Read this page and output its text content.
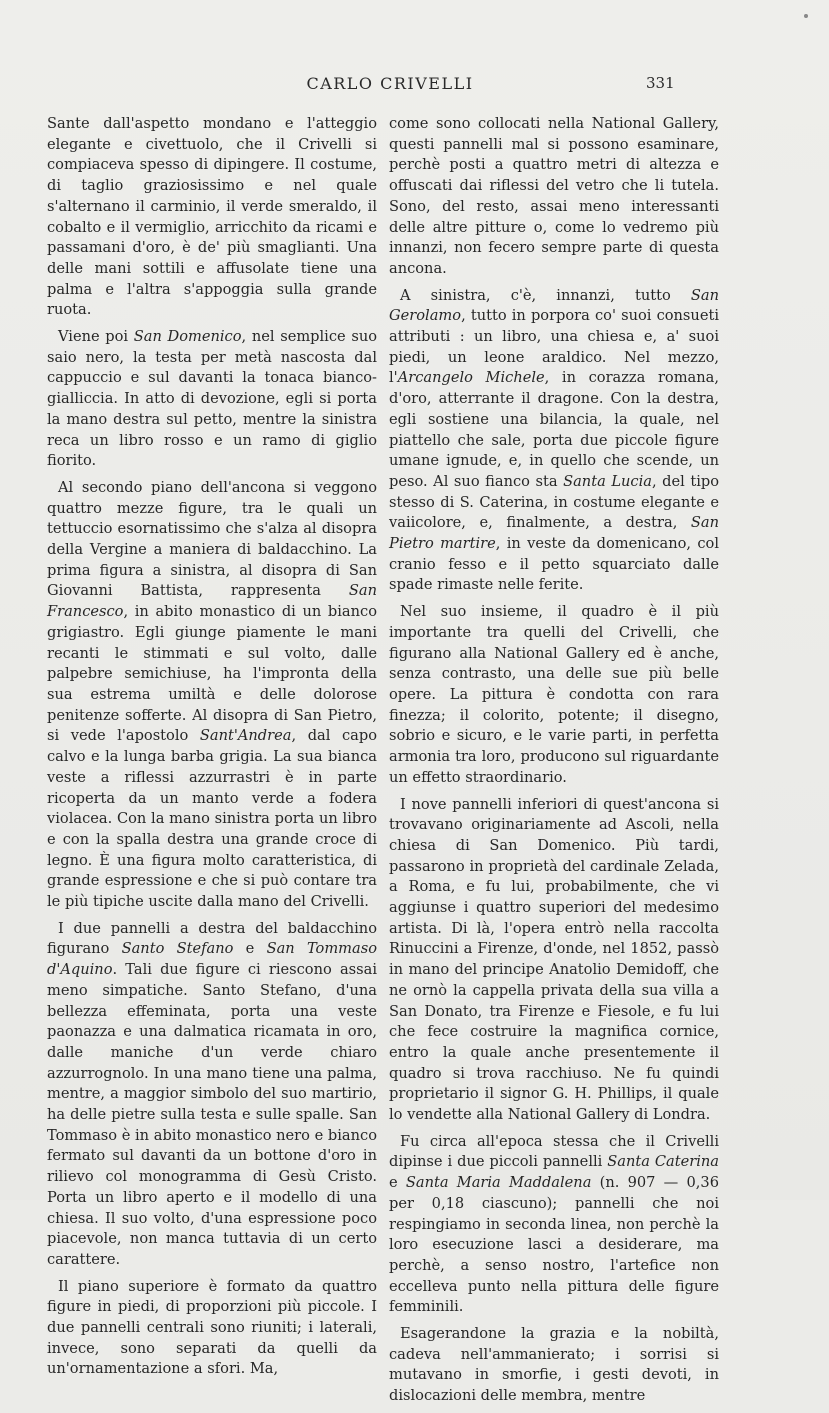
CARLO CRIVELLI	331

Sante dall'aspetto mondano e l'atteggio elegante e civettuolo, che il Crivelli si compiaceva spesso di dipingere. Il costume, di taglio graziosissimo e nel quale s'alternano il carminio, il verde smeraldo, il cobalto e il vermiglio, arricchito da ricami e passamani d'oro, è de' più smaglianti. Una delle mani sottili e affusolate tiene una palma e l'altra s'appoggia sulla grande ruota.

Viene poi San Domenico, nel semplice suo saio nero, la testa per metà nascosta dal cappuccio e sul davanti la tonaca bianco-gialliccia. In atto di devozione, egli si porta la mano destra sul petto, mentre la sinistra reca un libro rosso e un ramo di giglio fiorito.

Al secondo piano dell'ancona si veggono quattro mezze figure, tra le quali un tettuccio esornatissimo che s'alza al disopra della Vergine a maniera di baldacchino. La prima figura a sinistra, al disopra di San Giovanni Battista, rappresenta San Francesco, in abito monastico di un bianco grigiastro. Egli giunge piamente le mani recanti le stimmati e sul volto, dalle palpebre semichiuse, ha l'impronta della sua estrema umiltà e delle dolorose penitenze sofferte. Al disopra di San Pietro, si vede l'apostolo Sant'Andrea, dal capo calvo e la lunga barba grigia. La sua bianca veste a riflessi azzurrastri è in parte ricoperta da un manto verde a fodera violacea. Con la mano sinistra porta un libro e con la spalla destra una grande croce di legno. È una figura molto caratteristica, di grande espressione e che si può contare tra le più tipiche uscite dalla mano del Crivelli.

I due pannelli a destra del baldacchino figurano Santo Stefano e San Tommaso d'Aquino. Tali due figure ci riescono assai meno simpatiche. Santo Stefano, d'una bellezza effeminata, porta una veste paonazza e una dalmatica ricamata in oro, dalle maniche d'un verde chiaro azzurrognolo. In una mano tiene una palma, mentre, a maggior simbolo del suo martirio, ha delle pietre sulla testa e sulle spalle. San Tommaso è in abito monastico nero e bianco fermato sul davanti da un bottone d'oro in rilievo col monogramma di Gesù Cristo. Porta un libro aperto e il modello di una chiesa. Il suo volto, d'una espressione poco piacevole, non manca tuttavia di un certo carattere.

Il piano superiore è formato da quattro figure in piedi, di proporzioni più piccole. I due pannelli centrali sono riuniti; i laterali, invece, sono separati da quelli da un'ornamentazione a sfori. Ma,

come sono collocati nella National Gallery, questi pannelli mal si possono esaminare, perchè posti a quattro metri di altezza e offuscati dai riflessi del vetro che li tutela. Sono, del resto, assai meno interessanti delle altre pitture o, come lo vedremo più innanzi, non fecero sempre parte di questa ancona.

A sinistra, c'è, innanzi, tutto San Gerolamo, tutto in porpora co' suoi consueti attributi : un libro, una chiesa e, a' suoi piedi, un leone araldico. Nel mezzo, l'Arcangelo Michele, in corazza romana, d'oro, atterrante il dragone. Con la destra, egli sostiene una bilancia, la quale, nel piattello che sale, porta due piccole figure umane ignude, e, in quello che scende, un peso. Al suo fianco sta Santa Lucia, del tipo stesso di S. Caterina, in costume elegante e vaiicolore, e, finalmente, a destra, San Pietro martire, in veste da domenicano, col cranio fesso e il petto squarciato dalle spade rimaste nelle ferite.

Nel suo insieme, il quadro è il più importante tra quelli del Crivelli, che figurano alla National Gallery ed è anche, senza contrasto, una delle sue più belle opere. La pittura è condotta con rara finezza; il colorito, potente; il disegno, sobrio e sicuro, e le varie parti, in perfetta armonia tra loro, producono sul riguardante un effetto straordinario.

I nove pannelli inferiori di quest'ancona si trovavano originariamente ad Ascoli, nella chiesa di San Domenico. Più tardi, passarono in proprietà del cardinale Zelada, a Roma, e fu lui, probabilmente, che vi aggiunse i quattro superiori del medesimo artista. Di là, l'opera entrò nella raccolta Rinuccini a Firenze, d'onde, nel 1852, passò in mano del principe Anatolio Demidoff, che ne ornò la cappella privata della sua villa a San Donato, tra Firenze e Fiesole, e fu lui che fece costruire la magnifica cornice, entro la quale anche presentemente il quadro si trova racchiuso. Ne fu quindi proprietario il signor G. H. Phillips, il quale lo vendette alla National Gallery di Londra.

Fu circa all'epoca stessa che il Crivelli dipinse i due piccoli pannelli Santa Caterina e Santa Maria Maddalena (n. 907 — 0,36 per 0,18 ciascuno); pannelli che noi respingiamo in seconda linea, non perchè la loro esecuzione lasci a desiderare, ma perchè, a senso nostro, l'artefice non eccelleva punto nella pittura delle figure femminili.

Esagerandone la grazia e la nobiltà, cadeva nell'ammanierato; i sorrisi si mutavano in smorfie, i gesti devoti, in dislocazioni delle membra, mentre
